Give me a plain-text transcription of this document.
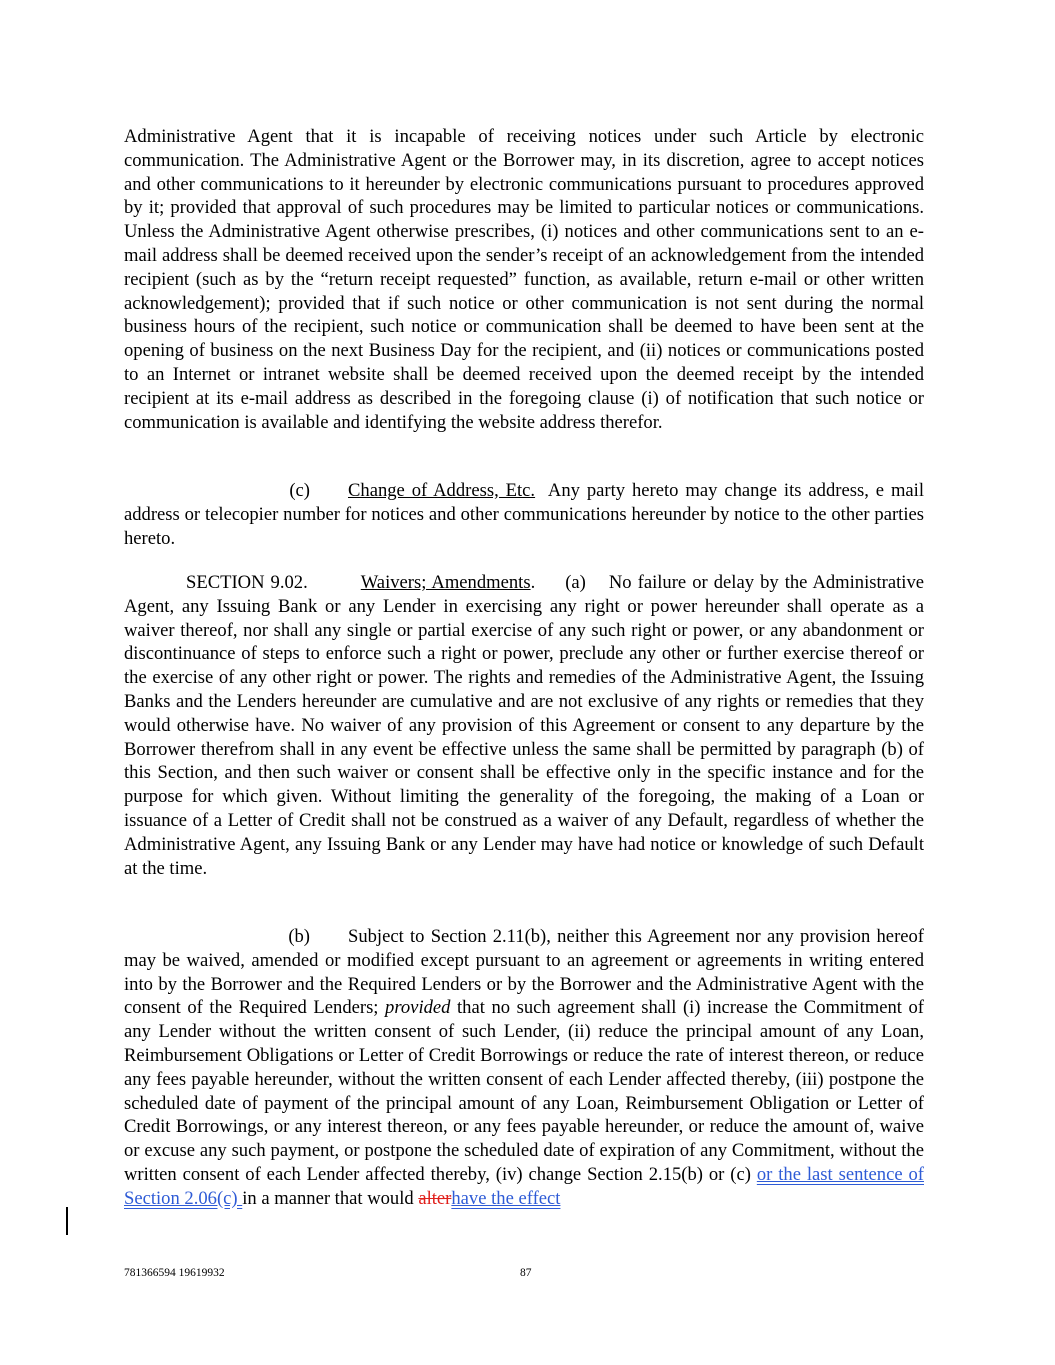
Administrative Agent that it is incapable of receiving notices under such Article by electronic communication. The Administrative Agent or the Borrower may, in its discretion, agree to accept notices and other communications to it hereunder by electronic communications pursuant to procedures approved by it; provided that approval of such procedures may be limited to particular notices or communications. Unless the Administrative Agent otherwise prescribes, (i) notices and other communications sent to an e-mail address shall be deemed received upon the sender’s receipt of an acknowledgement from the intended recipient (such as by the “return receipt requested” function, as available, return e-mail or other written acknowledgement); provided that if such notice or other communication is not sent during the normal business hours of the recipient, such notice or communication shall be deemed to have been sent at the opening of business on the next Business Day for the recipient, and (ii) notices or communications posted to an Internet or intranet website shall be deemed received upon the deemed receipt by the intended recipient at its e-mail address as described in the foregoing clause (i) of notification that such notice or communication is available and identifying the website address therefor.

(c) Change of Address, Etc. Any party hereto may change its address, e mail address or telecopier number for notices and other communications hereunder by notice to the other parties hereto.

SECTION 9.02.	Waivers; Amendments. (a) No failure or delay by the Administrative Agent, any Issuing Bank or any Lender in exercising any right or power hereunder shall operate as a waiver thereof, nor shall any single or partial exercise of any such right or power, or any abandonment or discontinuance of steps to enforce such a right or power, preclude any other or further exercise thereof or the exercise of any other right or power. The rights and remedies of the Administrative Agent, the Issuing Banks and the Lenders hereunder are cumulative and are not exclusive of any rights or remedies that they would otherwise have. No waiver of any provision of this Agreement or consent to any departure by the Borrower therefrom shall in any event be effective unless the same shall be permitted by paragraph (b) of this Section, and then such waiver or consent shall be effective only in the specific instance and for the purpose for which given. Without limiting the generality of the foregoing, the making of a Loan or issuance of a Letter of Credit shall not be construed as a waiver of any Default, regardless of whether the Administrative Agent, any Issuing Bank or any Lender may have had notice or knowledge of such Default at the time.

(b) Subject to Section 2.11(b), neither this Agreement nor any provision hereof may be waived, amended or modified except pursuant to an agreement or agreements in writing entered into by the Borrower and the Required Lenders or by the Borrower and the Administrative Agent with the consent of the Required Lenders; provided that no such agreement shall (i) increase the Commitment of any Lender without the written consent of such Lender, (ii) reduce the principal amount of any Loan, Reimbursement Obligations or Letter of Credit Borrowings or reduce the rate of interest thereon, or reduce any fees payable hereunder, without the written consent of each Lender affected thereby, (iii) postpone the scheduled date of payment of the principal amount of any Loan, Reimbursement Obligation or Letter of Credit Borrowings, or any interest thereon, or any fees payable hereunder, or reduce the amount of, waive or excuse any such payment, or postpone the scheduled date of expiration of any Commitment, without the written consent of each Lender affected thereby, (iv) change Section 2.15(b) or (c) or the last sentence of Section 2.06(c) in a manner that would alterhave the effect

781366594 19619932	87
